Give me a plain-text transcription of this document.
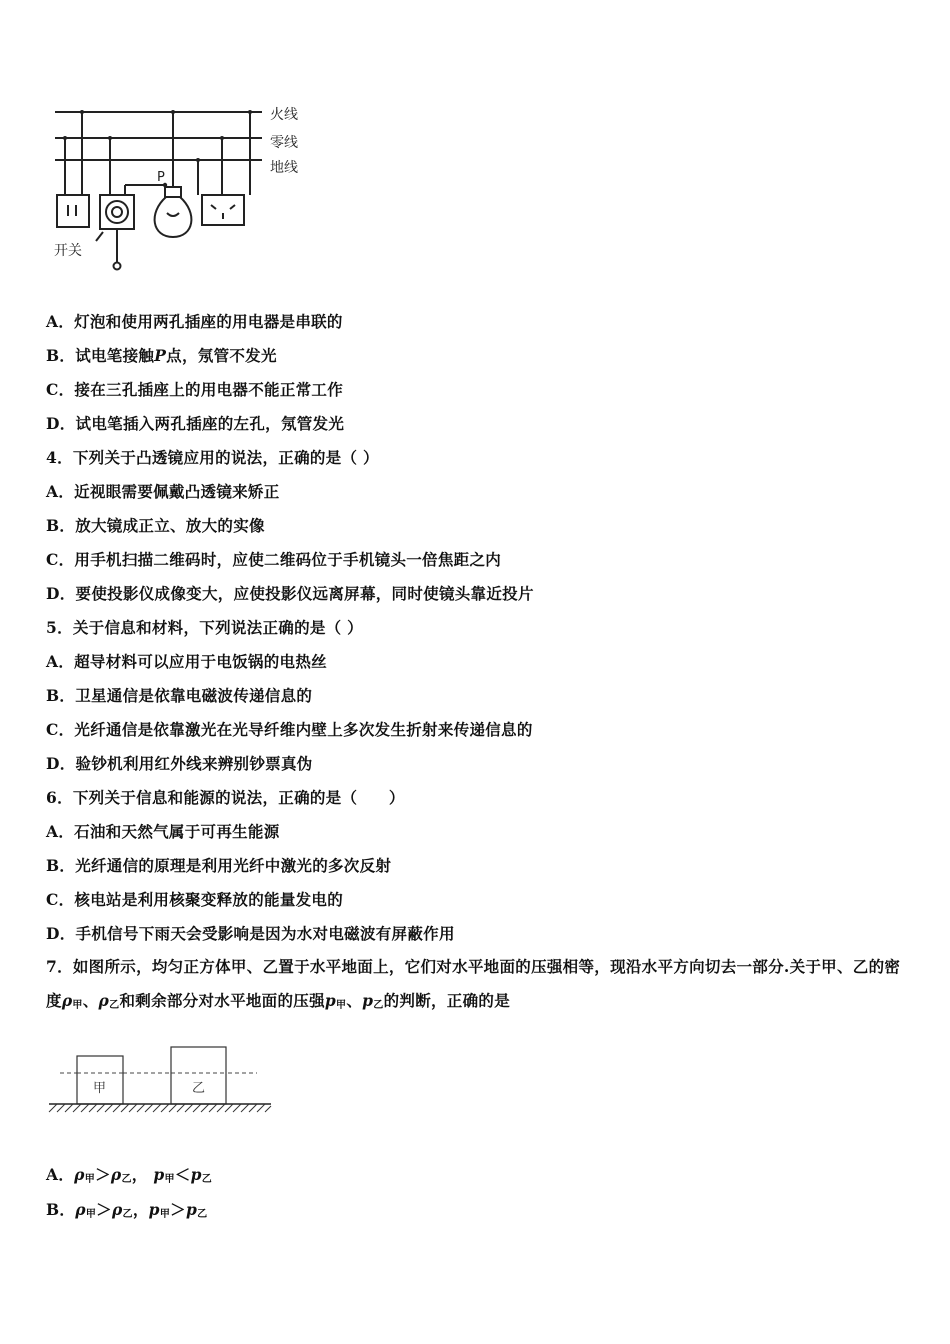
火线
零线
地线
开关
P
A．灯泡和使用两孔插座的用电器是串联的
B．试电笔接触P点，氖管不发光
C．接在三孔插座上的用电器不能正常工作
D．试电笔插入两孔插座的左孔，氖管发光
4．下列关于凸透镜应用的说法，正确的是（ ）
A．近视眼需要佩戴凸透镜来矫正
B．放大镜成正立、放大的实像
C．用手机扫描二维码时，应使二维码位于手机镜头一倍焦距之内
D．要使投影仪成像变大，应使投影仪远离屏幕，同时使镜头靠近投片
5．关于信息和材料，下列说法正确的是（ ）
A．超导材料可以应用于电饭锅的电热丝
B．卫星通信是依靠电磁波传递信息的
C．光纤通信是依靠激光在光导纤维内壁上多次发生折射来传递信息的
D．验钞机利用红外线来辨别钞票真伪
6．下列关于信息和能源的说法，正确的是（　　）
A．石油和天然气属于可再生能源
B．光纤通信的原理是利用光纤中激光的多次反射
C．核电站是利用核聚变释放的能量发电的
D．手机信号下雨天会受影响是因为水对电磁波有屏蔽作用
7．如图所示，均匀正方体甲、乙置于水平地面上，它们对水平地面的压强相等，现沿水平方向切去一部分.关于甲、乙的密度$\rho_甲$、$\rho_乙$和剩余部分对水平地面的压强$p_甲$、$p_乙$的判断，正确的是
甲	乙
A．$\rho_甲>\rho_乙$， $p_甲<p_乙$
B．$\rho_甲>\rho_乙$，$p_甲>p_乙$
